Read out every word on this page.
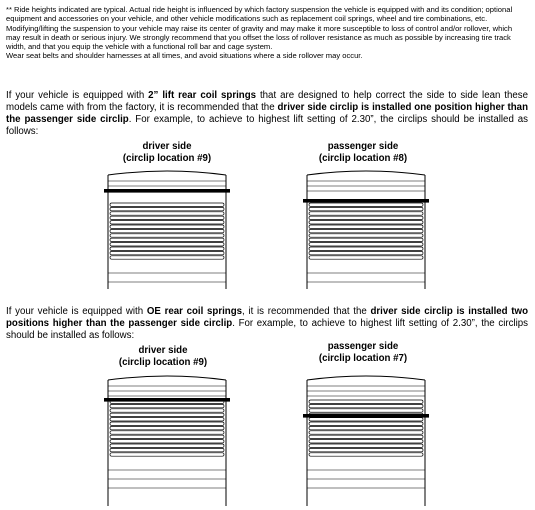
** Ride heights indicated are typical. Actual ride height is influenced by which factory suspension the vehicle is equipped with and its condition; optional equipment and accessories on your vehicle, and other vehicle modifications such as replacement coil springs, wheel and tire combinations, etc.

Modifying/lifting the suspension to your vehicle may raise its center of gravity and may make it more susceptible to loss of control and/or rollover, which may result in death or serious injury. We strongly recommend that you offset the loss of rollover resistance as much as possible by increasing tire track width, and that you equip the vehicle with a functional roll bar and cage system.

Wear seat belts and shoulder harnesses at all times, and avoid situations where a side rollover may occur.

If your vehicle is equipped with 2” lift rear coil springs that are designed to help correct the side to side lean these models came with from the factory, it is recommended that the driver side circlip is installed one position higher than the passenger side circlip. For example, to achieve to highest lift setting of 2.30”, the circlips should be installed as follows:
driver side
(circlip location #9)
passenger side
(circlip location #8)
If your vehicle is equipped with OE rear coil springs, it is recommended that the driver side circlip is installed two positions higher than the passenger side circlip. For example, to achieve to highest lift setting of 2.30”, the circlips should be installed as follows:
driver side
(circlip location #9)
passenger side
(circlip location #7)
